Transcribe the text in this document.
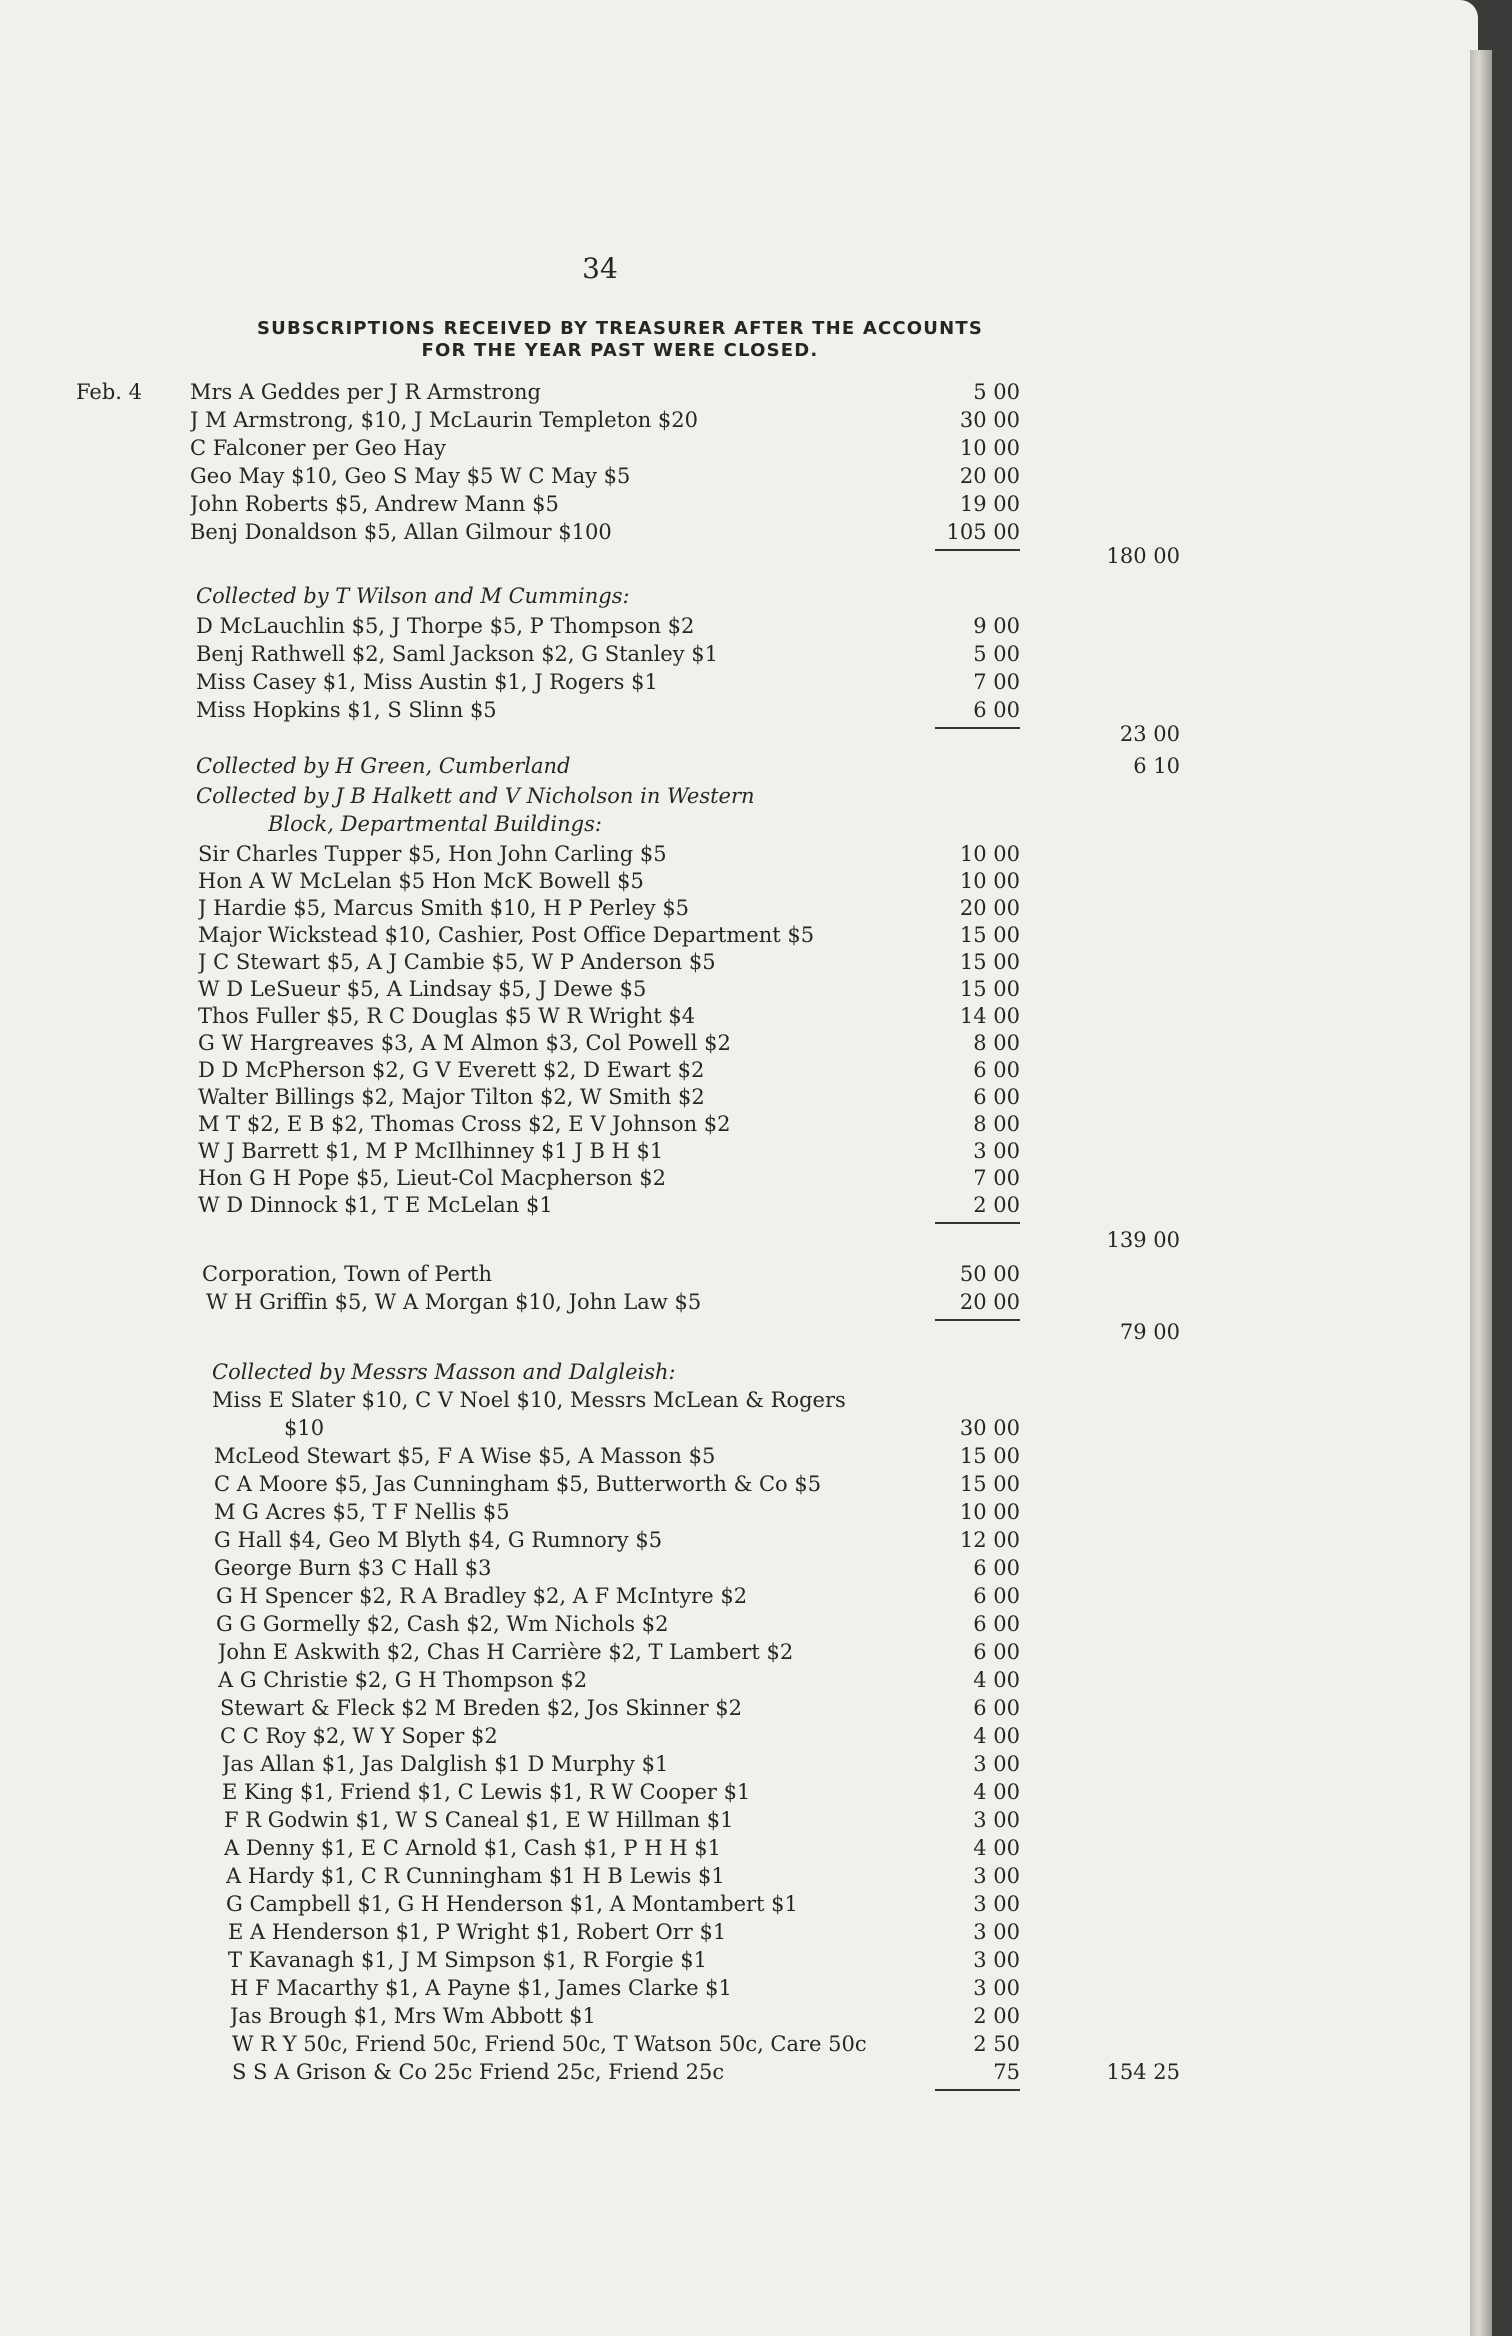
34
SUBSCRIPTIONS RECEIVED BY TREASURER AFTER THE ACCOUNTS
FOR THE YEAR PAST WERE CLOSED.
Feb. 4 Mrs A Geddes per J R Armstrong	5 00
J M Armstrong, $10, J McLaurin Templeton $20	30 00
C Falconer per Geo Hay	10 00
Geo May $10, Geo S May $5 W C May $5	20 00
John Roberts $5, Andrew Mann $5	19 00
Benj Donaldson $5, Allan Gilmour $100	105 00
180 00
Collected by T Wilson and M Cummings:
D McLauchlin $5, J Thorpe $5, P Thompson $2	9 00
Benj Rathwell $2, Saml Jackson $2, G Stanley $1	5 00
Miss Casey $1, Miss Austin $1, J Rogers $1	7 00
Miss Hopkins $1, S Slinn $5	6 00
23 00
Collected by H Green, Cumberland	6 10
Collected by J B Halkett and V Nicholson in Western
Block, Departmental Buildings:
Sir Charles Tupper $5, Hon John Carling $5	10 00
Hon A W McLelan $5 Hon McK Bowell $5	10 00
J Hardie $5, Marcus Smith $10, H P Perley $5	20 00
Major Wickstead $10, Cashier, Post Office Department $5	15 00
J C Stewart $5, A J Cambie $5, W P Anderson $5	15 00
W D LeSueur $5, A Lindsay $5, J Dewe $5	15 00
Thos Fuller $5, R C Douglas $5 W R Wright $4	14 00
G W Hargreaves $3, A M Almon $3, Col Powell $2	8 00
D D McPherson $2, G V Everett $2, D Ewart $2	6 00
Walter Billings $2, Major Tilton $2, W Smith $2	6 00
M T $2, E B $2, Thomas Cross $2, E V Johnson $2	8 00
W J Barrett $1, M P McIlhinney $1 J B H $1	3 00
Hon G H Pope $5, Lieut-Col Macpherson $2	7 00
W D Dinnock $1, T E McLelan $1	2 00
139 00
Corporation, Town of Perth	50 00
W H Griffin $5, W A Morgan $10, John Law $5	20 00
79 00
Collected by Messrs Masson and Dalgleish:
Miss E Slater $10, C V Noel $10, Messrs McLean & Rogers
$10	30 00
McLeod Stewart $5, F A Wise $5, A Masson $5	15 00
C A Moore $5, Jas Cunningham $5, Butterworth & Co $5	15 00
M G Acres $5, T F Nellis $5	10 00
G Hall $4, Geo M Blyth $4, G Rumnory $5	12 00
George Burn $3 C Hall $3	6 00
G H Spencer $2, R A Bradley $2, A F McIntyre $2	6 00
G G Gormelly $2, Cash $2, Wm Nichols $2	6 00
John E Askwith $2, Chas H Carrière $2, T Lambert $2	6 00
A G Christie $2, G H Thompson $2	4 00
Stewart & Fleck $2 M Breden $2, Jos Skinner $2	6 00
C C Roy $2, W Y Soper $2	4 00
Jas Allan $1, Jas Dalglish $1 D Murphy $1	3 00
E King $1, Friend $1, C Lewis $1, R W Cooper $1	4 00
F R Godwin $1, W S Caneal $1, E W Hillman $1	3 00
A Denny $1, E C Arnold $1, Cash $1, P H H $1	4 00
A Hardy $1, C R Cunningham $1 H B Lewis $1	3 00
G Campbell $1, G H Henderson $1, A Montambert $1	3 00
E A Henderson $1, P Wright $1, Robert Orr $1	3 00
T Kavanagh $1, J M Simpson $1, R Forgie $1	3 00
H F Macarthy $1, A Payne $1, James Clarke $1	3 00
Jas Brough $1, Mrs Wm Abbott $1	2 00
W R Y 50c, Friend 50c, Friend 50c, T Watson 50c, Care 50c	2 50
S S A Grison & Co 25c Friend 25c, Friend 25c	75	154 25
